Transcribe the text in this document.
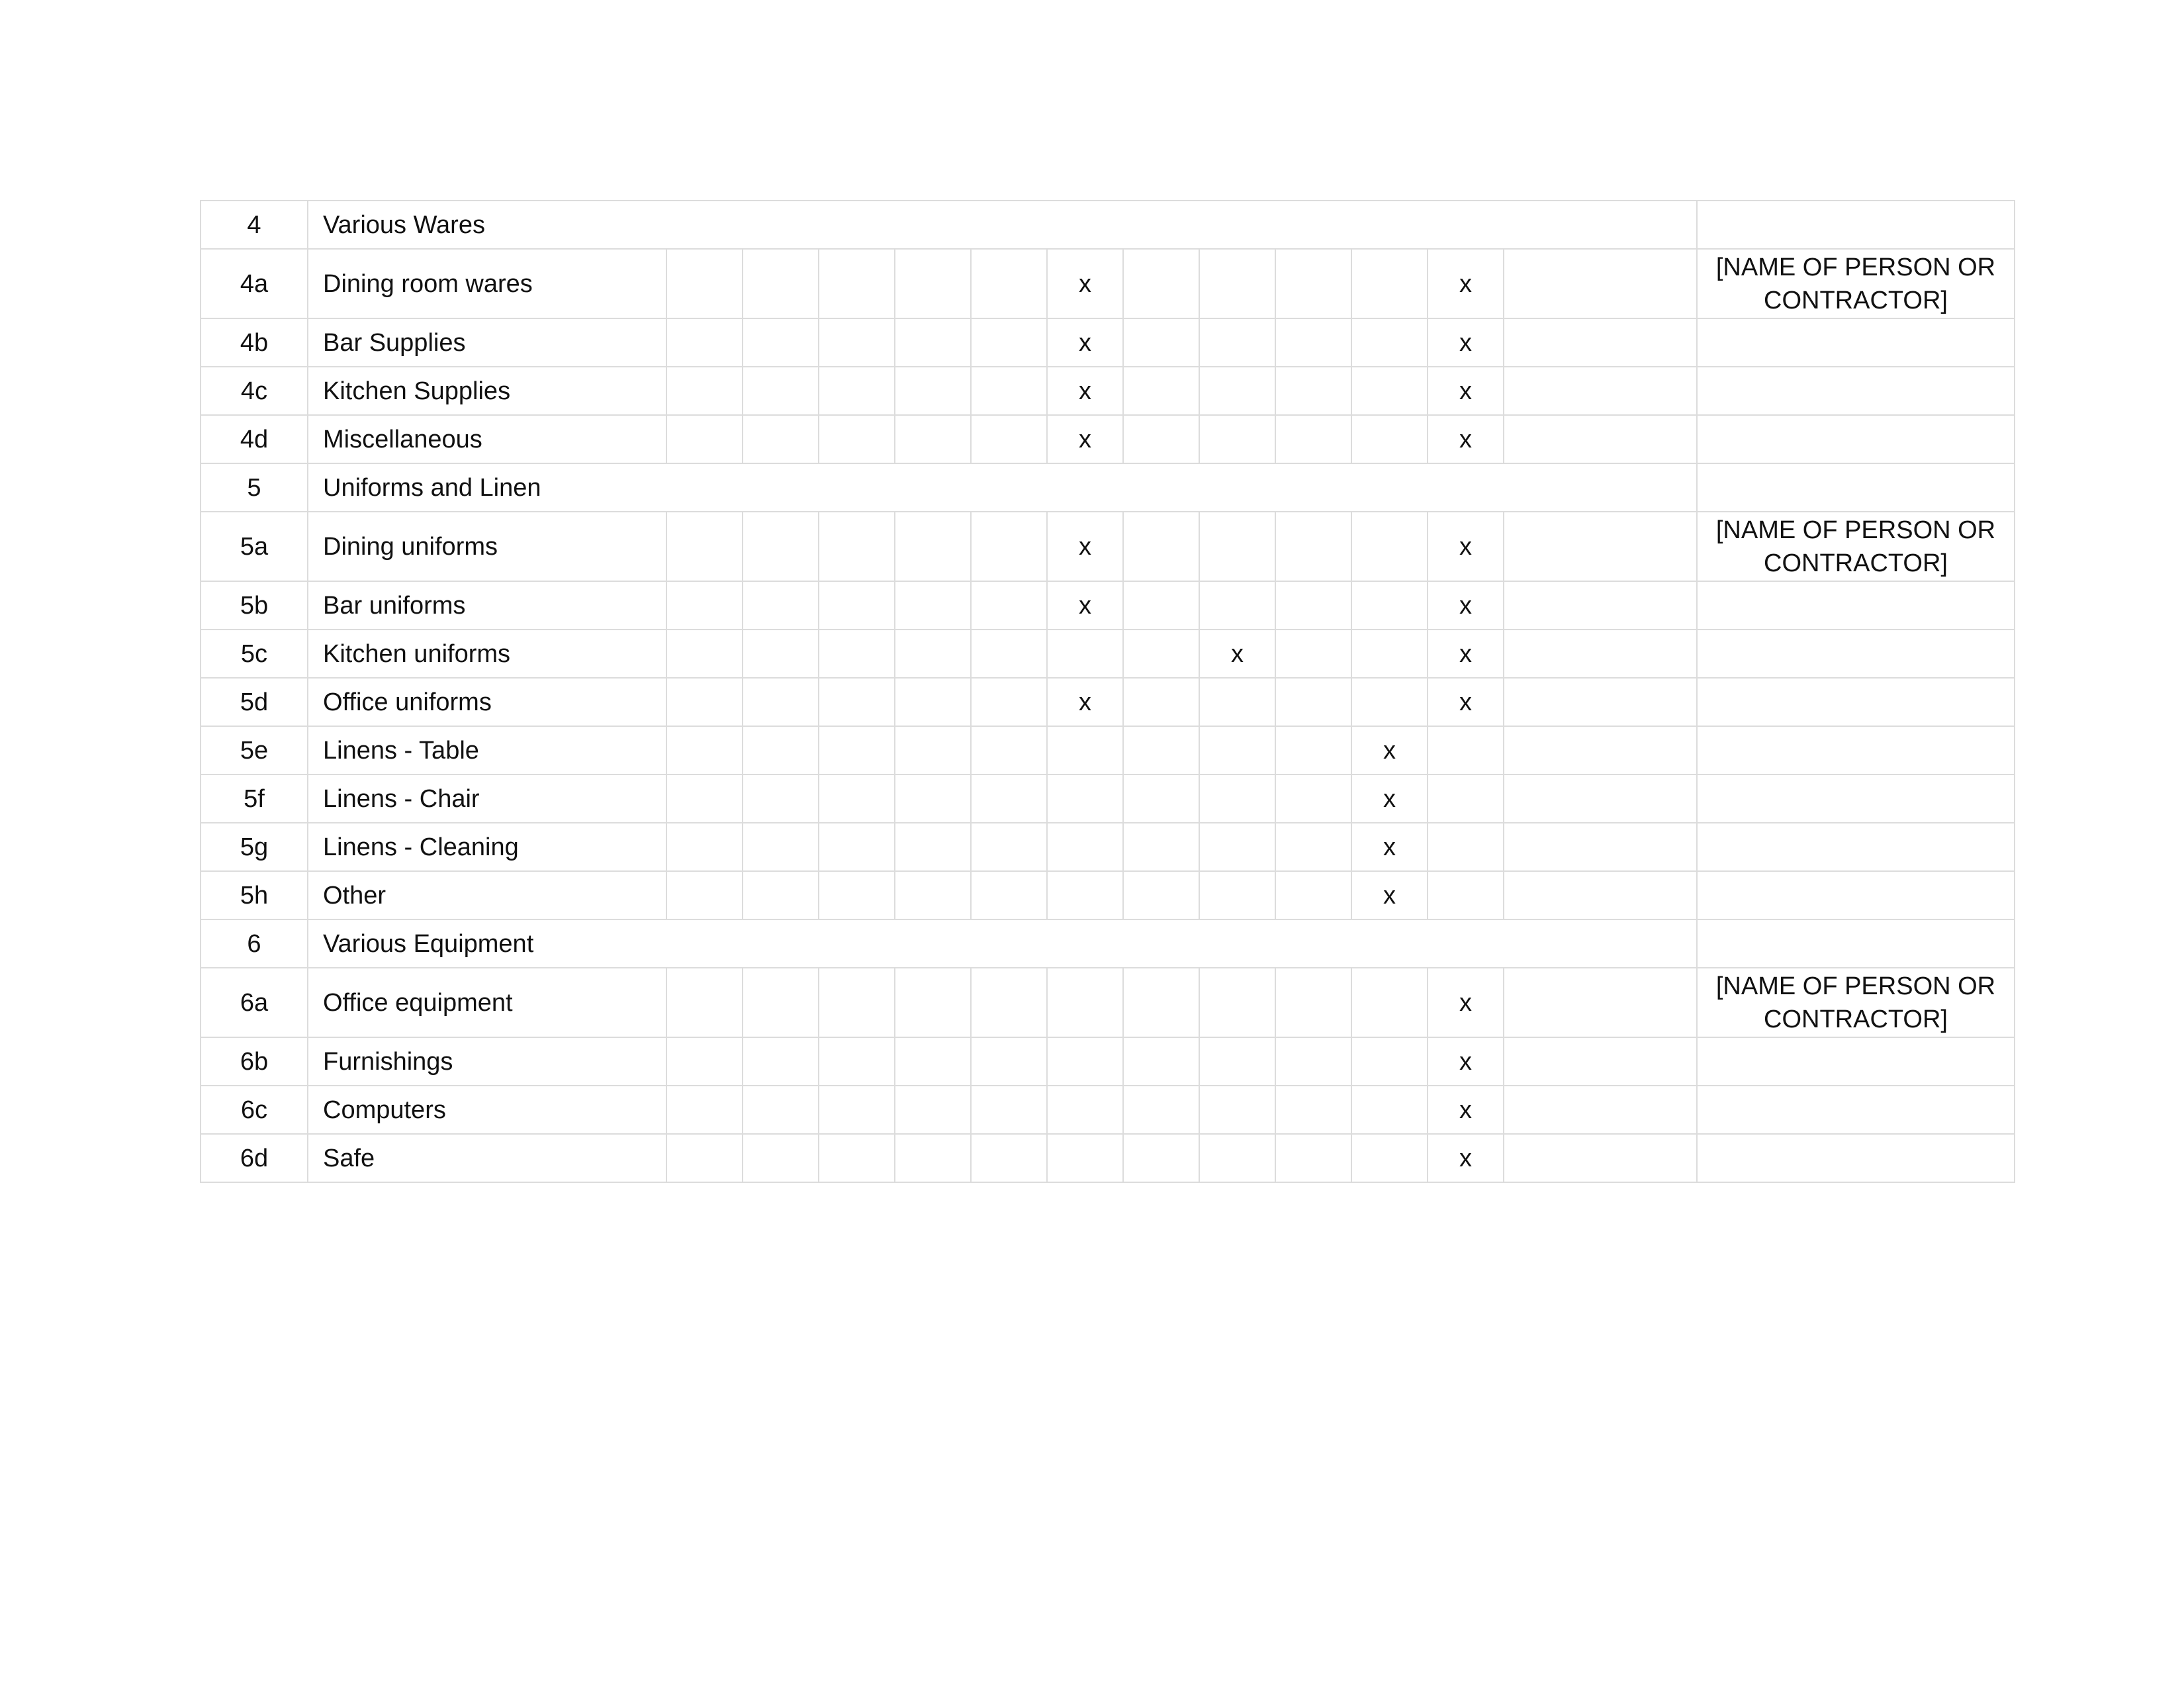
4	Various Wares													
4a	Dining room wares						x					x		[NAME OF PERSON OR CONTRACTOR]
4b	Bar Supplies						x					x		
4c	Kitchen Supplies						x					x		
4d	Miscellaneous						x					x		
5	Uniforms and Linen													
5a	Dining uniforms						x					x		[NAME OF PERSON OR CONTRACTOR]
5b	Bar uniforms						x					x		
5c	Kitchen uniforms								x			x		
5d	Office uniforms						x					x		
5e	Linens - Table										x			
5f	Linens - Chair										x			
5g	Linens - Cleaning										x			
5h	Other										x			
6	Various Equipment													
6a	Office equipment											x		[NAME OF PERSON OR CONTRACTOR]
6b	Furnishings											x		
6c	Computers											x		
6d	Safe											x		
